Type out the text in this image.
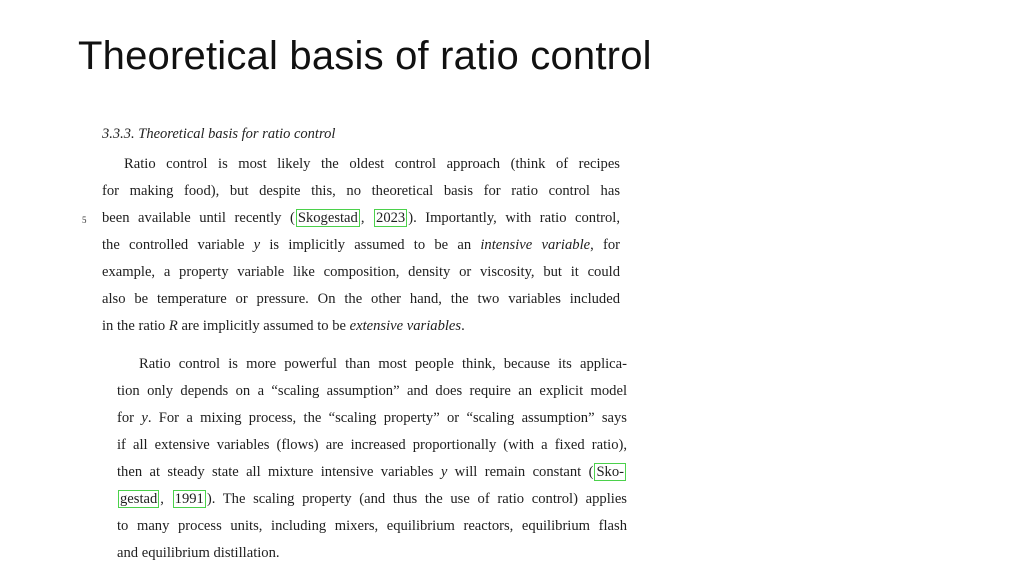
Theoretical basis of ratio control
3.3.3. Theoretical basis for ratio control
5
Ratio control is most likely the oldest control approach (think of recipes
for making food), but despite this, no theoretical basis for ratio control has
been available until recently ( Skogestad , 2023 ). Importantly, with ratio control,
the controlled variable y is implicitly assumed to be an intensive variable, for
example, a property variable like composition, density or viscosity, but it could
also be temperature or pressure. On the other hand, the two variables included
in the ratio R are implicitly assumed to be extensive variables.
Ratio control is more powerful than most people think, because its applica-
tion only depends on a “scaling assumption” and does require an explicit model
for y. For a mixing process, the “scaling property” or “scaling assumption” says
if all extensive variables (flows) are increased proportionally (with a fixed ratio),
then at steady state all mixture intensive variables y will remain constant ( Sko-
gestad , 1991 ). The scaling property (and thus the use of ratio control) applies
to many process units, including mixers, equilibrium reactors, equilibrium flash
and equilibrium distillation.
